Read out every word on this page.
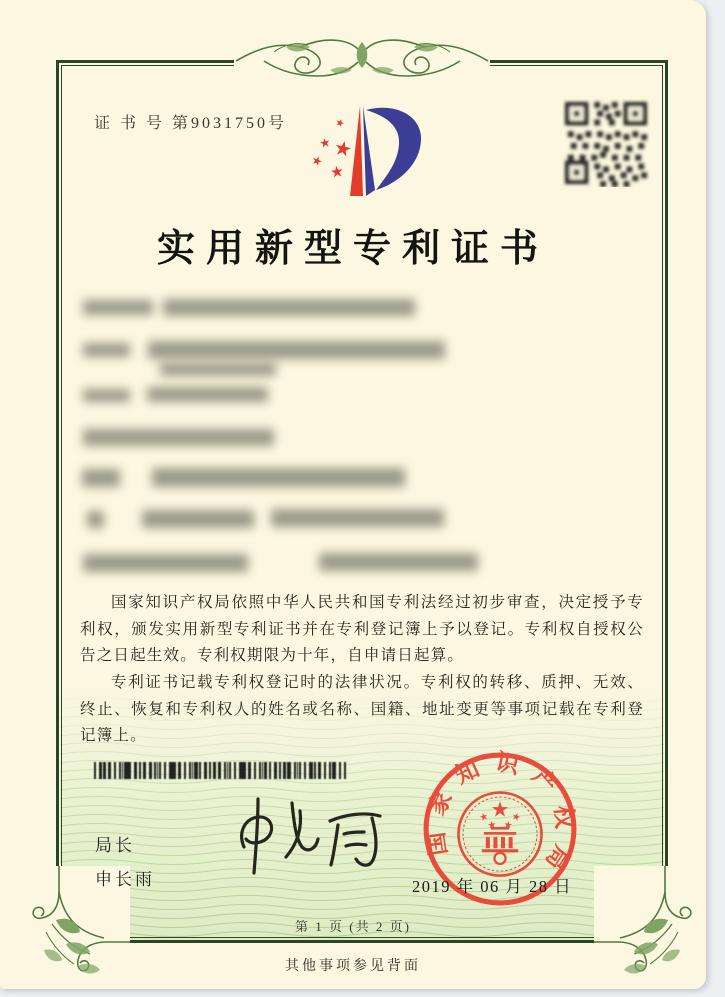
证 书 号 第9031750号
实用新型专利证书

国家知识产权局依照中华人民共和国专利法经过初步审查，决定授予专利权，颁发实用新型专利证书并在专利登记簿上予以登记。专利权自授权公告之日起生效。专利权期限为十年，自申请日起算。

专利证书记载专利权登记时的法律状况。专利权的转移、质押、无效、终止、恢复和专利权人的姓名或名称、国籍、地址变更等事项记载在专利登记簿上。

局长
申长雨
国家知识产权局
2019 年 06 月 28 日
第 1 页 (共 2 页)
其他事项参见背面
